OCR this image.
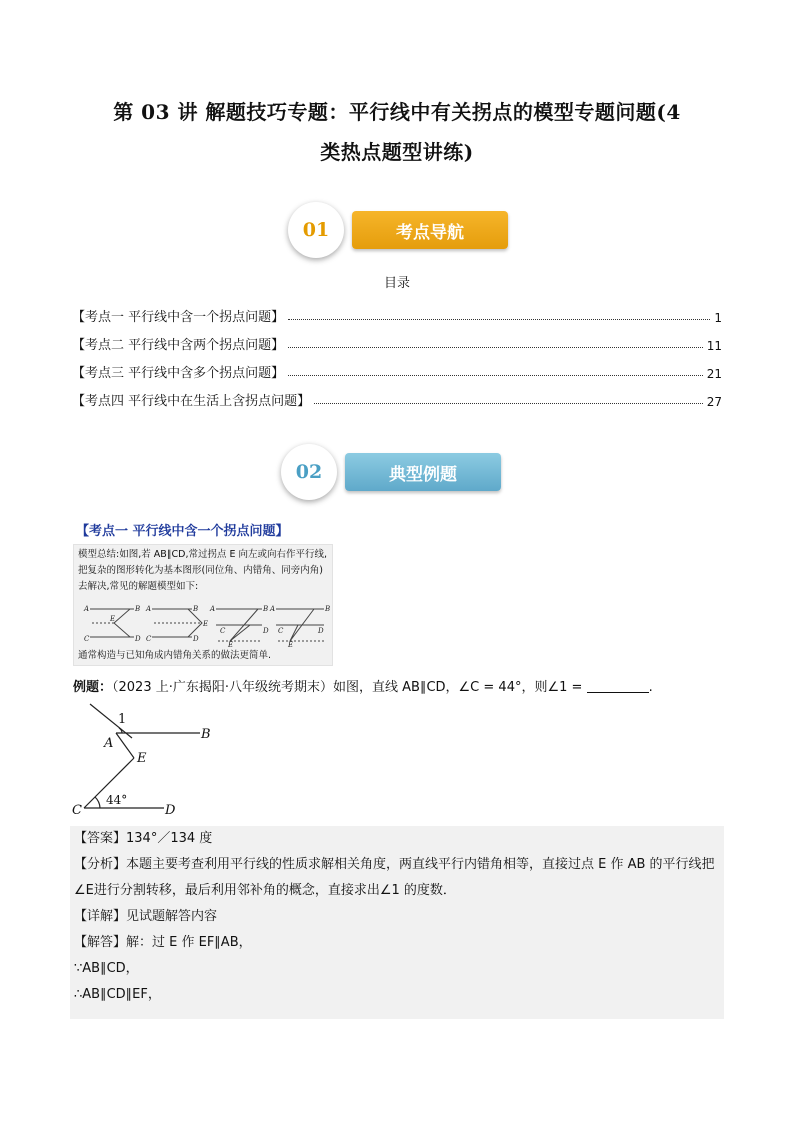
第 03 讲 解题技巧专题：平行线中有关拐点的模型专题问题(4
类热点题型讲练)
01	考点导航
目录
【考点一 平行线中含一个拐点问题】	1
【考点二 平行线中含两个拐点问题】	11
【考点三 平行线中含多个拐点问题】	21
【考点四 平行线中在生活上含拐点问题】	27
02	典型例题
【考点一 平行线中含一个拐点问题】
模型总结:如图,若 AB∥CD,常过拐点 E 向左或向右作平行线,把复杂的图形转化为基本图形(同位角、内错角、同旁内角)去解决,常见的解题模型如下:
A	B
E
C	D
A	B
E
C	D
A	B
C	D
E
A	B
C	D
E
通常构造与已知角成内错角关系的做法更简单.
例题：（2023 上·广东揭阳·八年级统考期末）如图，直线 AB∥CD，∠C = 44°，则∠1 =	.
1
A
B
E
C	D
44°

【答案】134°／134 度

【分析】本题主要考查利用平行线的性质求解相关角度，两直线平行内错角相等，直接过点 E 作 AB 的平行线把∠E进行分割转移，最后利用邻补角的概念，直接求出∠1 的度数．

【详解】见试题解答内容

【解答】解：过 E 作 EF∥AB，

∵AB∥CD，

∴AB∥CD∥EF，
